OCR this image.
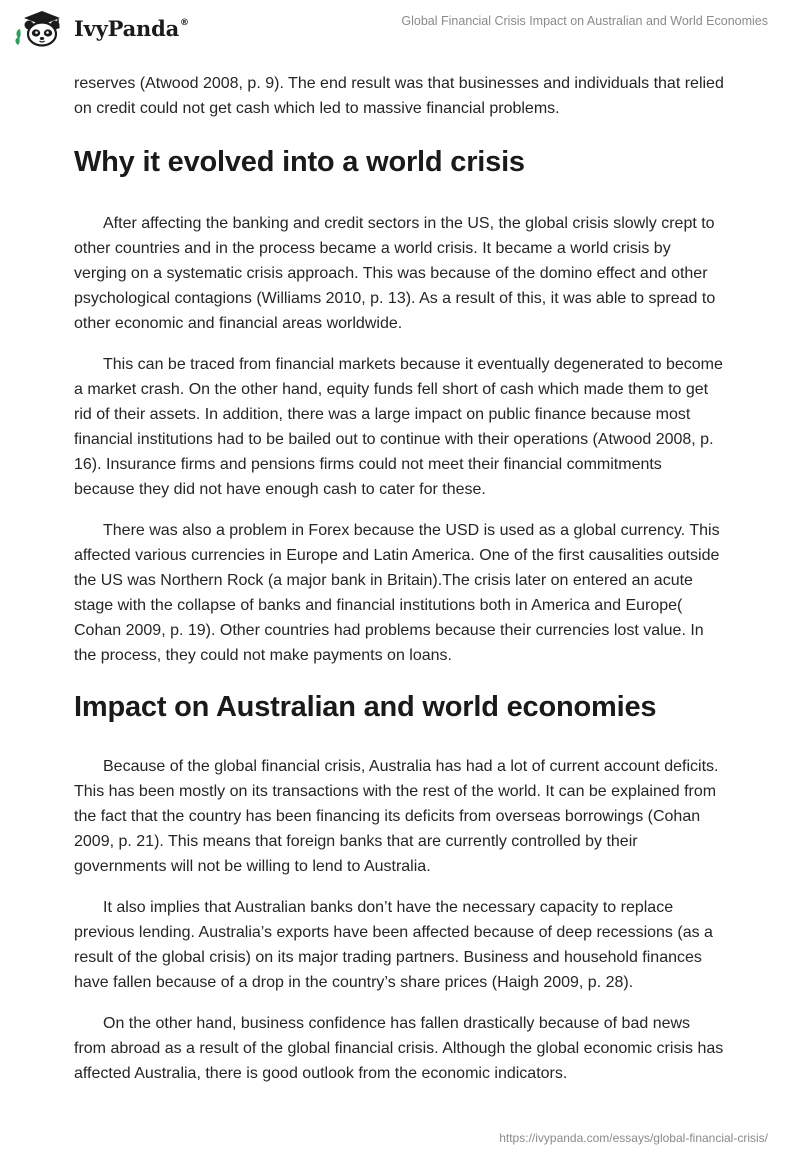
IvyPanda®	Global Financial Crisis Impact on Australian and World Economies

reserves (Atwood 2008, p. 9). The end result was that businesses and individuals that relied on credit could not get cash which led to massive financial problems.

Why it evolved into a world crisis

After affecting the banking and credit sectors in the US, the global crisis slowly crept to other countries and in the process became a world crisis. It became a world crisis by verging on a systematic crisis approach. This was because of the domino effect and other psychological contagions (Williams 2010, p. 13). As a result of this, it was able to spread to other economic and financial areas worldwide.

This can be traced from financial markets because it eventually degenerated to become a market crash. On the other hand, equity funds fell short of cash which made them to get rid of their assets. In addition, there was a large impact on public finance because most financial institutions had to be bailed out to continue with their operations (Atwood 2008, p. 16). Insurance firms and pensions firms could not meet their financial commitments because they did not have enough cash to cater for these.

There was also a problem in Forex because the USD is used as a global currency. This affected various currencies in Europe and Latin America. One of the first causalities outside the US was Northern Rock (a major bank in Britain).The crisis later on entered an acute stage with the collapse of banks and financial institutions both in America and Europe( Cohan 2009, p. 19). Other countries had problems because their currencies lost value. In the process, they could not make payments on loans.

Impact on Australian and world economies

Because of the global financial crisis, Australia has had a lot of current account deficits. This has been mostly on its transactions with the rest of the world. It can be explained from the fact that the country has been financing its deficits from overseas borrowings (Cohan 2009, p. 21). This means that foreign banks that are currently controlled by their governments will not be willing to lend to Australia.

It also implies that Australian banks don’t have the necessary capacity to replace previous lending. Australia’s exports have been affected because of deep recessions (as a result of the global crisis) on its major trading partners. Business and household finances have fallen because of a drop in the country’s share prices (Haigh 2009, p. 28).

On the other hand, business confidence has fallen drastically because of bad news from abroad as a result of the global financial crisis. Although the global economic crisis has affected Australia, there is good outlook from the economic indicators.

https://ivypanda.com/essays/global-financial-crisis/
